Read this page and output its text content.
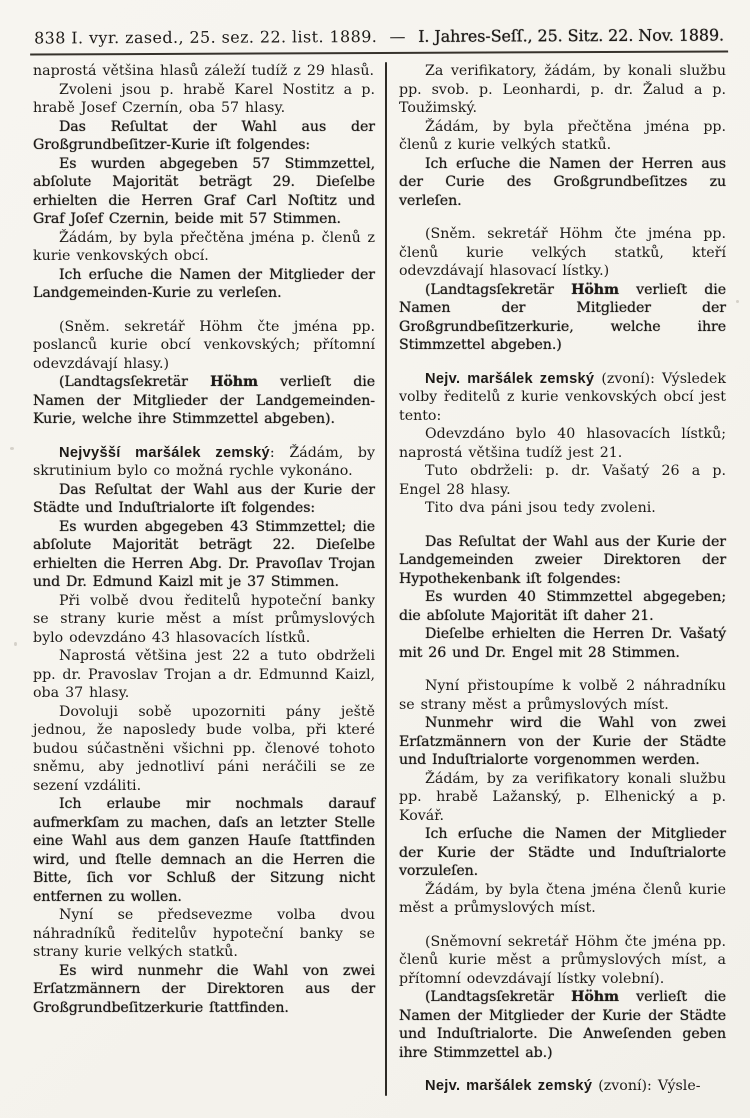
838 I. vyr. zased., 25. sez. 22. list. 1889. — I. Jahres-Seſſ., 25. Sitz. 22. Nov. 1889.

naprostá většina hlasů záleží tudíž z 29 hlasů.

Zvoleni jsou p. hrabě Karel Nostitz a p. hrabě Josef Czernín, oba 57 hlasy.

Das Reſultat der Wahl aus der Großgrundbeſitzer-Kurie iſt folgendes:

Es wurden abgegeben 57 Stimmzettel, abſolute Majorität beträgt 29. Dieſelbe erhielten die Herren Graf Carl Noſtitz und Graf Joſef Czernin, beide mit 57 Stimmen.

Žádám, by byla přečtěna jména p. členů z kurie venkovských obcí.

Ich erſuche die Namen der Mitglieder der Landgemeinden-Kurie zu verleſen.

(Sněm. sekretář Höhm čte jména pp. poslanců kurie obcí venkovských; přítomní odevzdávají hlasy.)

(Landtagsſekretär Höhm verlieſt die Namen der Mitglieder der Landgemeinden-Kurie, welche ihre Stimmzettel abgeben).

Nejvyšší maršálek zemský: Žádám, by skrutinium bylo co možná rychle vykonáno.

Das Reſultat der Wahl aus der Kurie der Städte und Induſtrialorte iſt folgendes:

Es wurden abgegeben 43 Stimmzettel; die abſolute Majorität beträgt 22. Dieſelbe erhielten die Herren Abg. Dr. Pravoſlav Trojan und Dr. Edmund Kaizl mit je 37 Stimmen.

Při volbě dvou ředitelů hypoteční banky se strany kurie měst a míst průmyslových bylo odevzdáno 43 hlasovacích lístků.

Naprostá většina jest 22 a tuto obdrželi pp. dr. Pravoslav Trojan a dr. Edmunnd Kaizl, oba 37 hlasy.

Dovoluji sobě upozorniti pány ještě jednou, že naposledy bude volba, při které budou súčastněni všichni pp. členové tohoto sněmu, aby jednotliví páni neráčili se ze sezení vzdáliti.

Ich erlaube mir nochmals darauf aufmerkſam zu machen, daſs an letzter Stelle eine Wahl aus dem ganzen Hauſe ſtattfinden wird, und ſtelle demnach an die Herren die Bitte, ſich vor Schluß der Sitzung nicht entfernen zu wollen.

Nyní se předsevezme volba dvou náhradníků ředitelův hypoteční banky se strany kurie velkých statků.

Es wird nunmehr die Wahl von zwei Erſatzmännern der Direktoren aus der Großgrundbeſitzerkurie ſtattfinden.

Za verifikatory, žádám, by konali službu pp. svob. p. Leonhardi, p. dr. Žalud a p. Toužimský.

Žádám, by byla přečtěna jména pp. členů z kurie velkých statků.

Ich erſuche die Namen der Herren aus der Curie des Großgrundbeſitzes zu verleſen.

(Sněm. sekretář Höhm čte jména pp. členů kurie velkých statků, kteří odevzdávají hlasovací lístky.)

(Landtagsſekretär Höhm verlieſt die Namen der Mitglieder der Großgrundbeſitzerkurie, welche ihre Stimmzettel abgeben.)

Nejv. maršálek zemský (zvoní): Výsledek volby ředitelů z kurie venkovských obcí jest tento:

Odevzdáno bylo 40 hlasovacích lístků; naprostá většina tudíž jest 21.

Tuto obdrželi: p. dr. Vašatý 26 a p. Engel 28 hlasy.

Tito dva páni jsou tedy zvoleni.

Das Reſultat der Wahl aus der Kurie der Landgemeinden zweier Direktoren der Hypothekenbank iſt folgendes:

Es wurden 40 Stimmzettel abgegeben; die abſolute Majorität iſt daher 21.

Dieſelbe erhielten die Herren Dr. Vašatý mit 26 und Dr. Engel mit 28 Stimmen.

Nyní přistoupíme k volbě 2 náhradníku se strany měst a průmyslových míst.

Nunmehr wird die Wahl von zwei Erſatzmännern von der Kurie der Städte und Induſtrialorte vorgenommen werden.

Žádám, by za verifikatory konali službu pp. hrabě Lažanský, p. Elhenický a p. Kovář.

Ich erſuche die Namen der Mitglieder der Kurie der Städte und Induſtrialorte vorzuleſen.

Žádám, by byla čtena jména členů kurie měst a průmyslových míst.

(Sněmovní sekretář Höhm čte jména pp. členů kurie měst a průmyslových míst, a přítomní odevzdávají lístky volební).

(Landtagsſekretär Höhm verlieſt die Namen der Mitglieder der Kurie der Städte und Induſtrialorte. Die Anweſenden geben ihre Stimmzettel ab.)

Nejv. maršálek zemský (zvoní): Výsle-
